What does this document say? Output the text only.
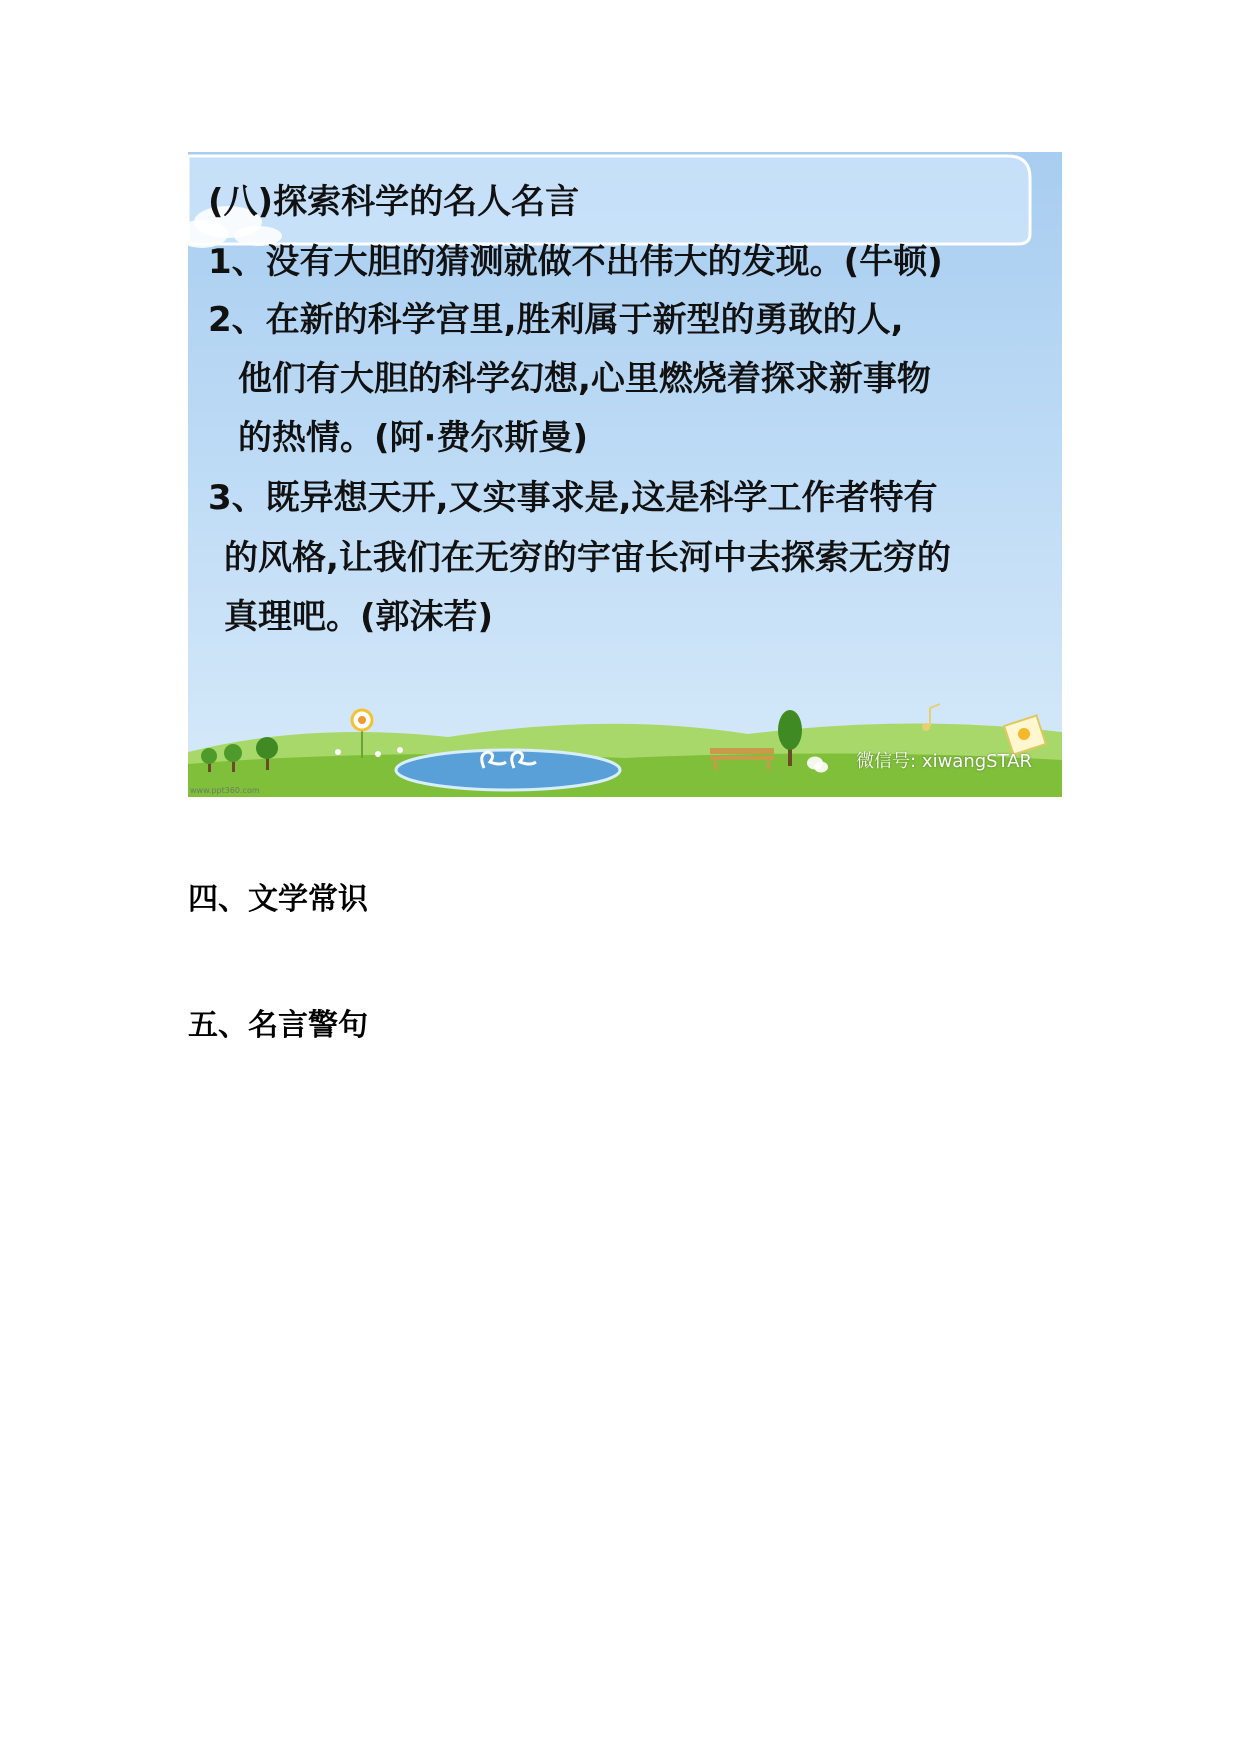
(八)探索科学的名人名言
1、没有大胆的猜测就做不出伟大的发现。(牛顿)
2、在新的科学宫里,胜利属于新型的勇敢的人,
他们有大胆的科学幻想,心里燃烧着探求新事物
的热情。(阿·费尔斯曼)
3、既异想天开,又实事求是,这是科学工作者特有
的风格,让我们在无穷的宇宙长河中去探索无穷的
真理吧。(郭沫若)
微信号: xiwangSTAR
www.ppt360.com
四、文学常识
五、名言警句
